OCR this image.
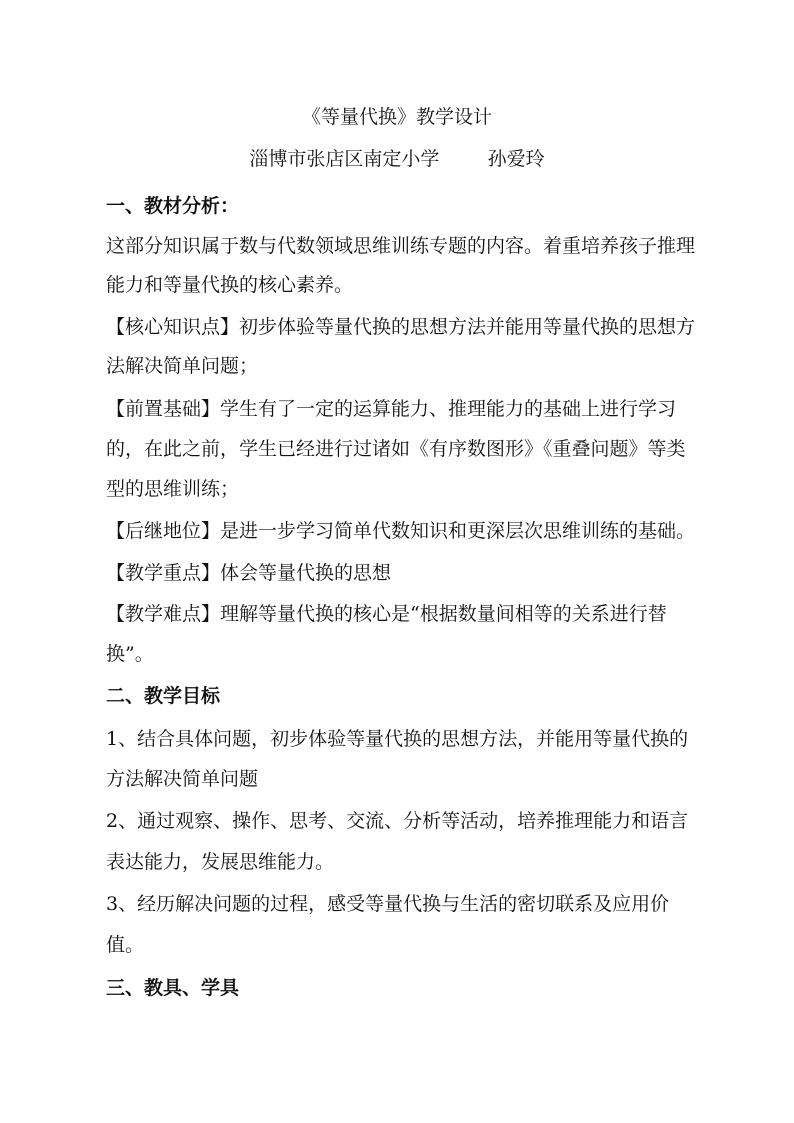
《等量代换》教学设计
淄博市张店区南定小学        孙爱玲
一、教材分析：
这部分知识属于数与代数领域思维训练专题的内容。着重培养孩子推理
能力和等量代换的核心素养。
【核心知识点】初步体验等量代换的思想方法并能用等量代换的思想方
法解决简单问题；
【前置基础】学生有了一定的运算能力、推理能力的基础上进行学习
的，在此之前，学生已经进行过诸如《有序数图形》《重叠问题》等类
型的思维训练；
【后继地位】是进一步学习简单代数知识和更深层次思维训练的基础。
【教学重点】体会等量代换的思想
【教学难点】理解等量代换的核心是“根据数量间相等的关系进行替
换”。
二、教学目标
1、结合具体问题，初步体验等量代换的思想方法，并能用等量代换的
方法解决简单问题
2、通过观察、操作、思考、交流、分析等活动，培养推理能力和语言
表达能力，发展思维能力。
3、经历解决问题的过程，感受等量代换与生活的密切联系及应用价
值。
三、教具、学具
